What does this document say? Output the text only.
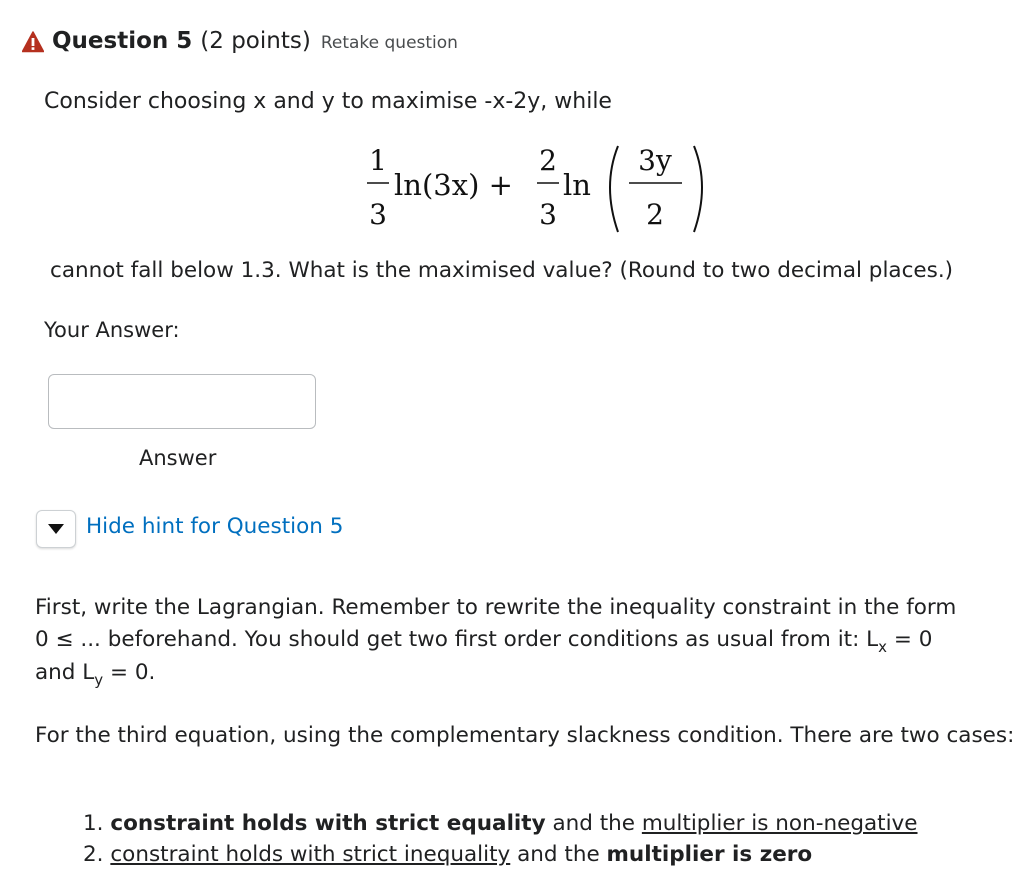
Question 5 (2 points) Retake question
Consider choosing x and y to maximise -x-2y, while
1
3
ln(3x) +
2
3
ln
3y
2
cannot fall below 1.3. What is the maximised value? (Round to two decimal places.)
Your Answer:
Answer
Hide hint for Question 5

First, write the Lagrangian. Remember to rewrite the inequality constraint in the form
0 ≤ ... beforehand. You should get two first order conditions as usual from it: $L_x = 0$
and $L_y = 0$.

For the third equation, using the complementary slackness condition. There are two cases:

1. constraint holds with strict equality and the multiplier is non-negative
2. constraint holds with strict inequality and the multiplier is zero
